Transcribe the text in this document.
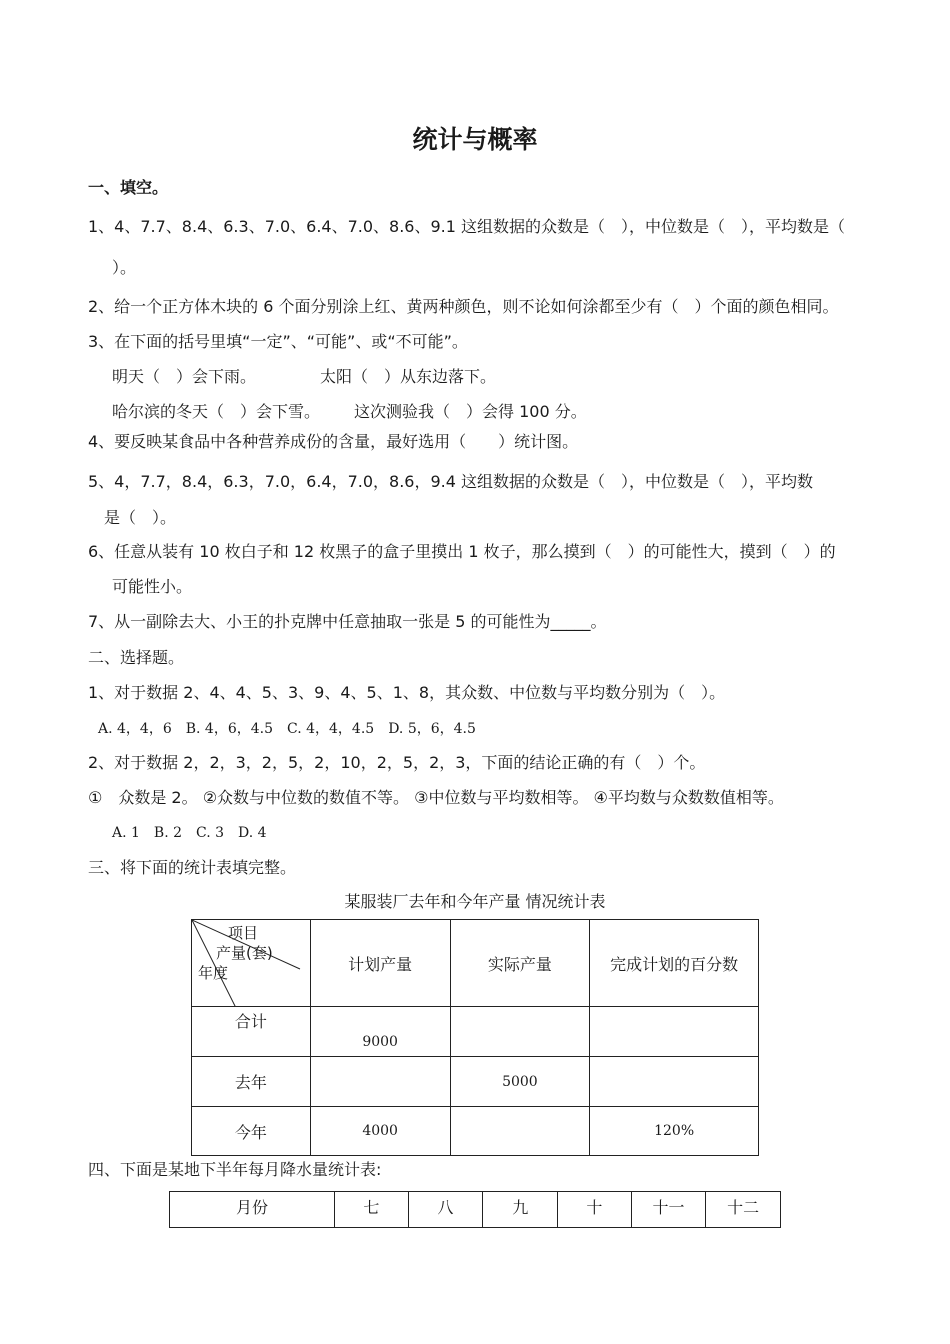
统计与概率
一、填空。
1、4、7.7、8.4、6.3、7.0、6.4、7.0、8.6、9.1 这组数据的众数是（　），中位数是（　），平均数是（
）。
2、给一个正方体木块的 6 个面分别涂上红、黄两种颜色，则不论如何涂都至少有（　）个面的颜色相同。
3、在下面的括号里填“一定”、“可能”、或“不可能”。
明天（　）会下雨。	太阳（　）从东边落下。
哈尔滨的冬天（　）会下雪。 这次测验我（　）会得 100 分。
4、要反映某食品中各种营养成份的含量，最好选用（　　）统计图。
5、4，7.7，8.4，6.3，7.0，6.4，7.0，8.6，9.4 这组数据的众数是（　），中位数是（　），平均数
是（　）。
6、任意从装有 10 枚白子和 12 枚黑子的盒子里摸出 1 枚子，那么摸到（　）的可能性大，摸到（　）的
可能性小。
7、从一副除去大、小王的扑克牌中任意抽取一张是 5 的可能性为_____。
二、选择题。
1、对于数据 2、4、4、5、3、9、4、5、1、8，其众数、中位数与平均数分别为（　）。
A. 4，4，6　B. 4，6，4.5　C. 4，4，4.5　D. 5，6，4.5
2、对于数据 2，2，3，2，5，2，10，2，5，2，3，下面的结论正确的有（　）个。
①　众数是 2。 ②众数与中位数的数值不等。 ③中位数与平均数相等。 ④平均数与众数数值相等。
A. 1　B. 2　C. 3　D. 4
三、将下面的统计表填完整。
某服装厂去年和今年产量 情况统计表
项目
产量(套)
年度	计划产量	实际产量	完成计划的百分数
合计	9000		
去年		5000	
今年	4000		120%
四、下面是某地下半年每月降水量统计表:
月份	七	八	九	十	十一	十二
